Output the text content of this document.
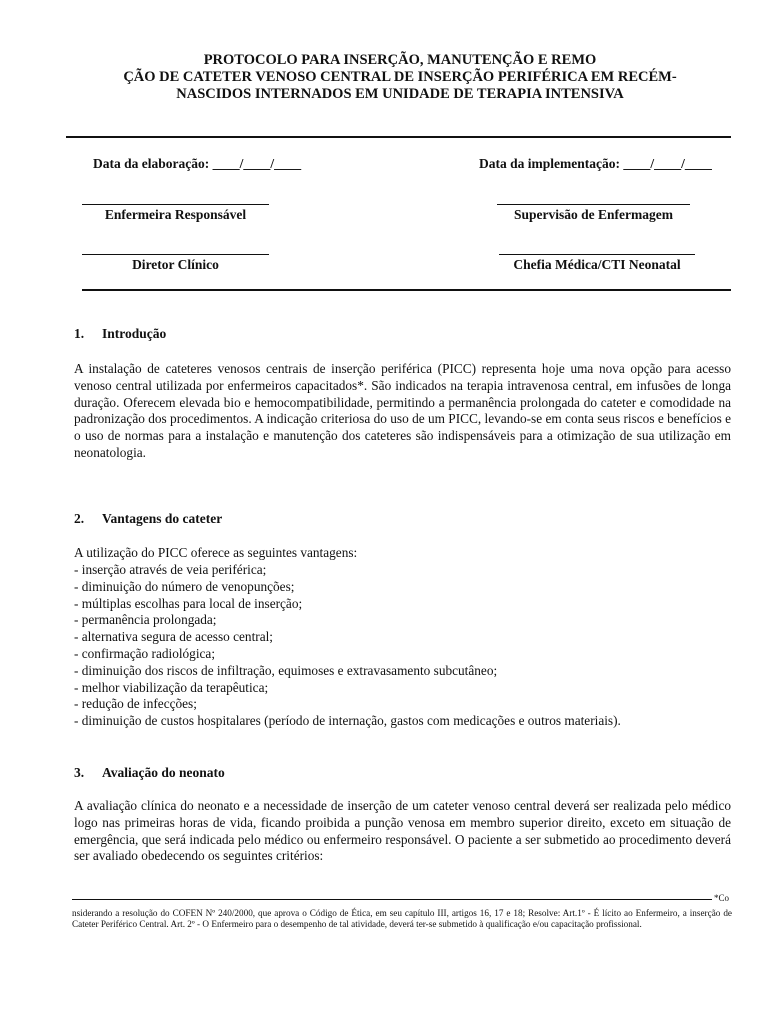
PROTOCOLO PARA INSERÇÃO, MANUTENÇÃO E REMO
ÇÃO DE CATETER VENOSO CENTRAL DE INSERÇÃO PERIFÉRICA EM RECÉM-
NASCIDOS INTERNADOS EM UNIDADE DE TERAPIA INTENSIVA
Data da elaboração: ____/____/____	Data da implementação: ____/____/____
Enfermeira Responsável	Supervisão de Enfermagem
Diretor Clínico	Chefia Médica/CTI Neonatal
1. Introdução
A instalação de cateteres venosos centrais de inserção periférica (PICC) representa hoje uma nova opção para acesso venoso central utilizada por enfermeiros capacitados*. São indicados na terapia intravenosa central, em infusões de longa duração. Oferecem elevada bio e hemocompatibilidade, permitindo a permanência prolongada do cateter e comodidade na padronização dos procedimentos. A indicação criteriosa do uso de um PICC, levando-se em conta seus riscos e benefícios e o uso de normas para a instalação e manutenção dos cateteres são indispensáveis para a otimização de sua utilização em neonatologia.
2. Vantagens do cateter
A utilização do PICC oferece as seguintes vantagens:
- inserção através de veia periférica;
- diminuição do número de venopunções;
- múltiplas escolhas para local de inserção;
- permanência prolongada;
- alternativa segura de acesso central;
- confirmação radiológica;
- diminuição dos riscos de infiltração, equimoses e extravasamento subcutâneo;
- melhor viabilização da terapêutica;
- redução de infecções;
- diminuição de custos hospitalares (período de internação, gastos com medicações e outros materiais).
3. Avaliação do neonato
A avaliação clínica do neonato e a necessidade de inserção de um cateter venoso central deverá ser realizada pelo médico logo nas primeiras horas de vida, ficando proibida a punção venosa em membro superior direito, exceto em situação de emergência, que será indicada pelo médico ou enfermeiro responsável. O paciente a ser submetido ao procedimento deverá ser avaliado obedecendo os seguintes critérios:
*Co
nsiderando a resolução do COFEN Nº 240/2000, que aprova o Código de Ética, em seu capítulo III, artigos 16, 17 e 18; Resolve: Art.1º - É lícito ao Enfermeiro, a inserção de Cateter Periférico Central. Art. 2º - O Enfermeiro para o desempenho de tal atividade, deverá ter-se submetido à qualificação e/ou capacitação profissional.
